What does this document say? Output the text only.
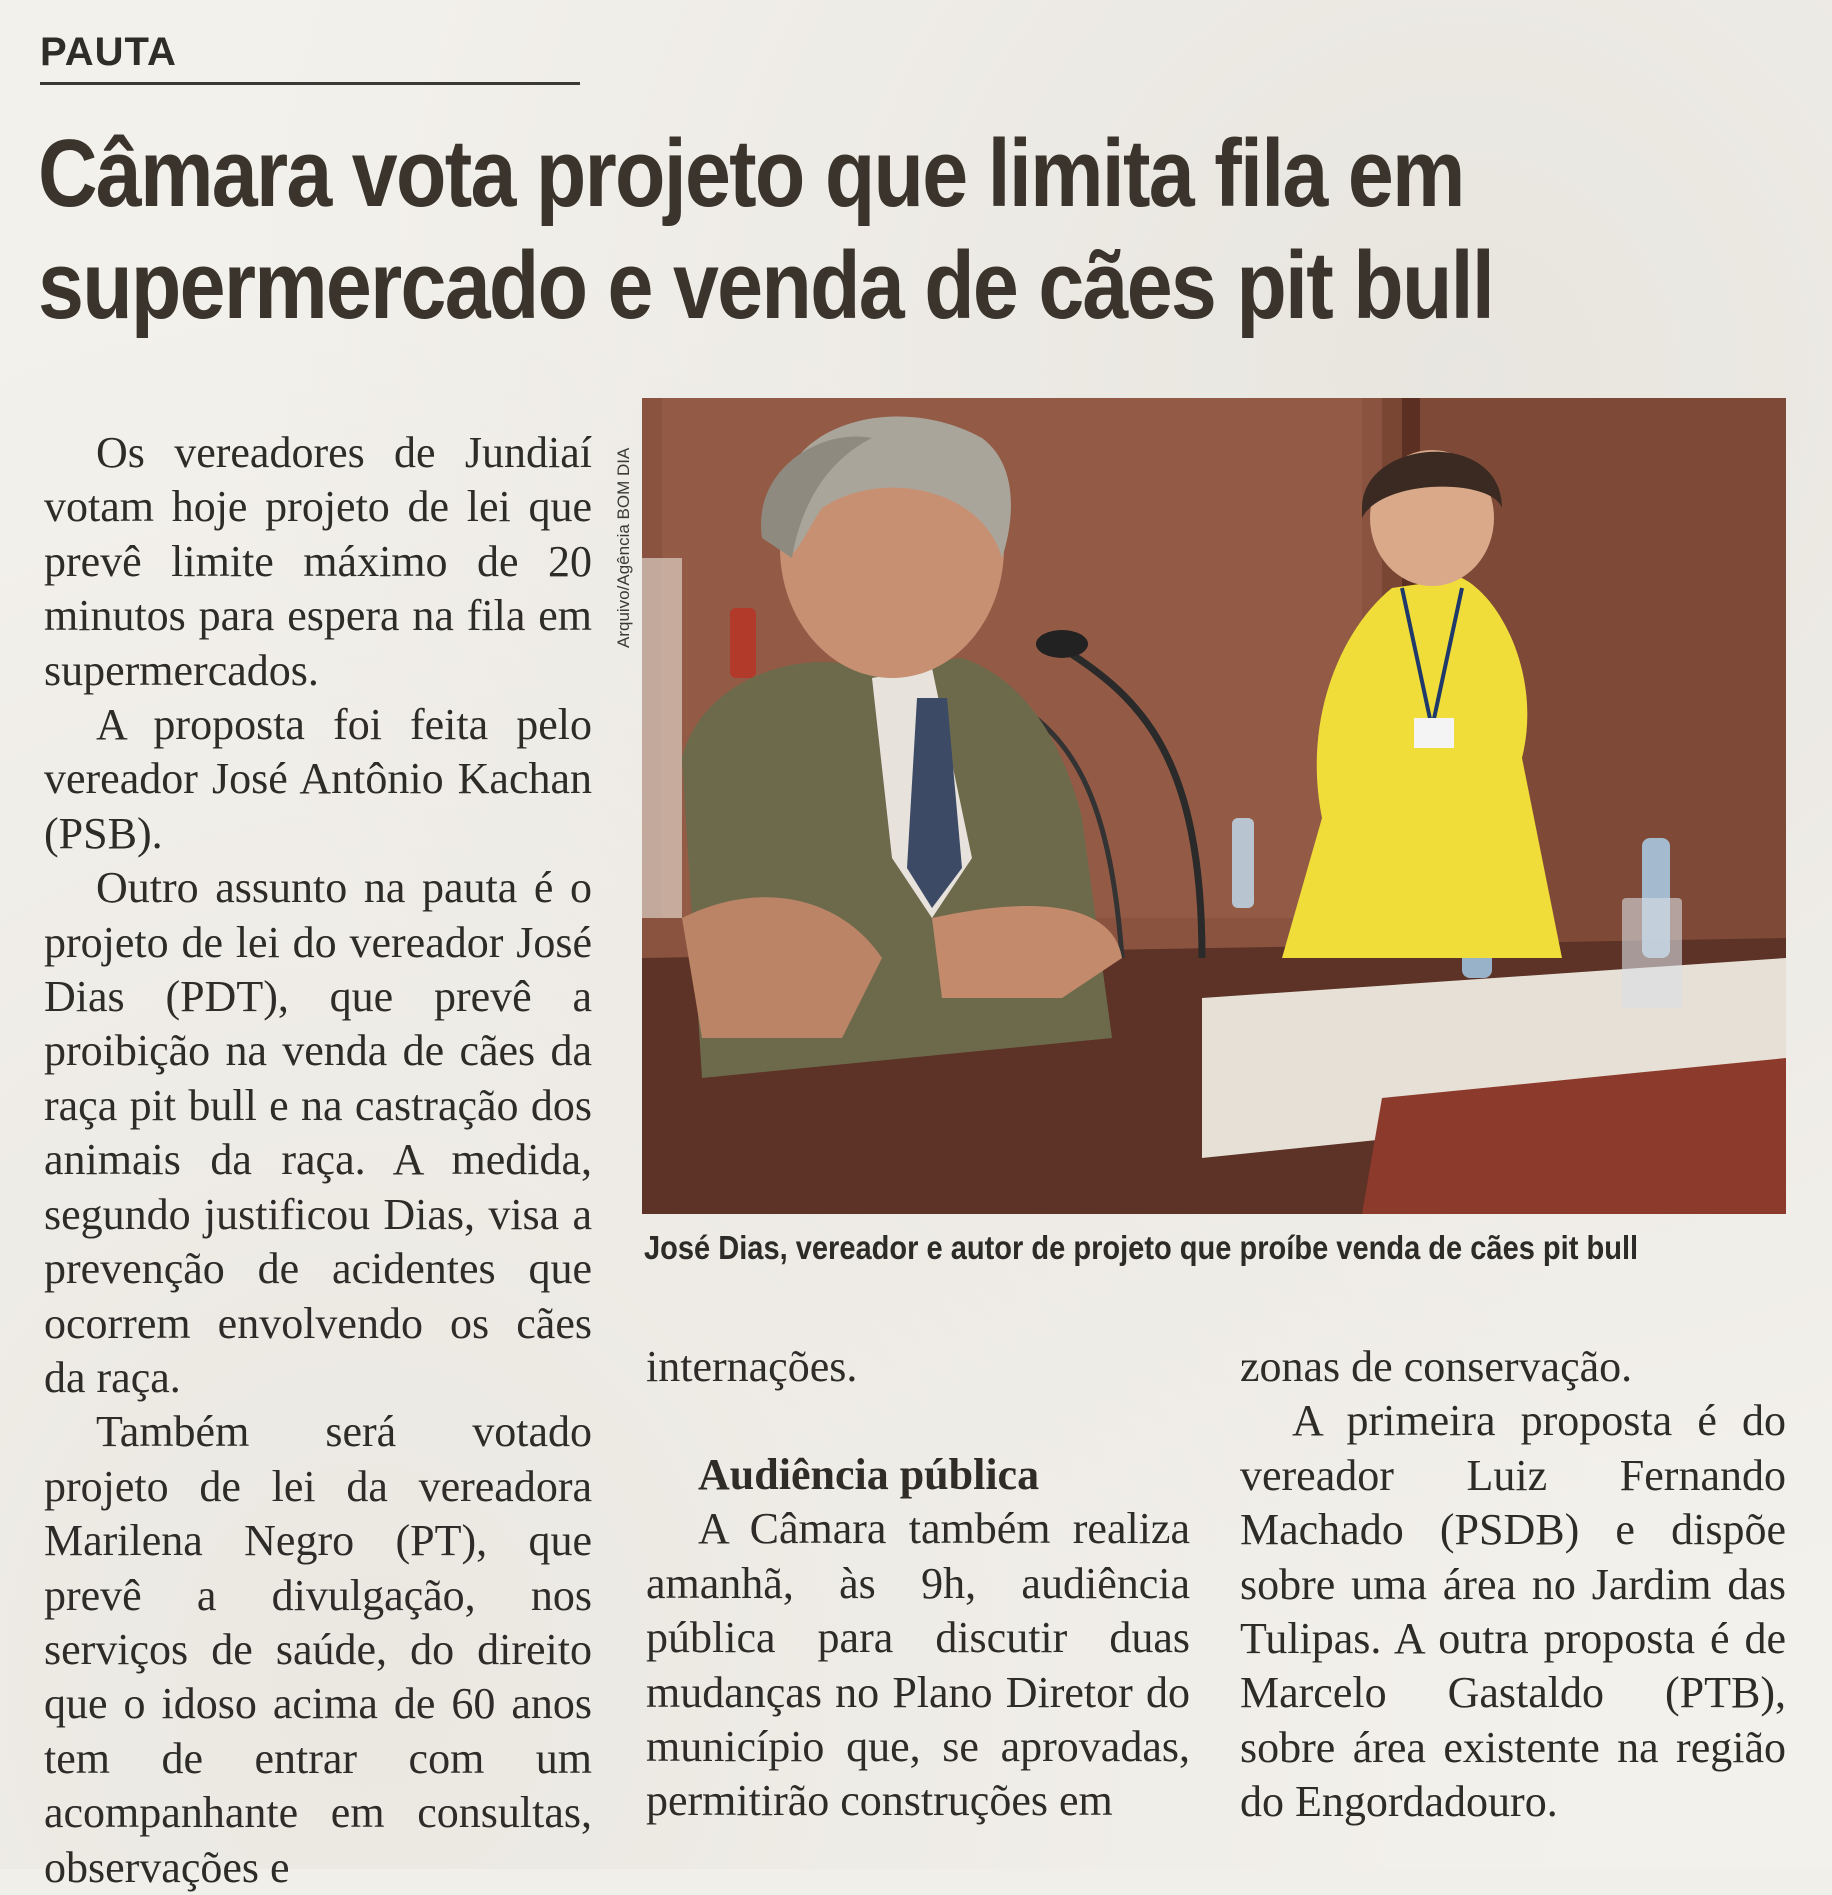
PAUTA
Câmara vota projeto que limita fila em
supermercado e venda de cães pit bull

Os vereadores de Jundiaí votam hoje projeto de lei que prevê limite máximo de 20 minutos para espera na fila em supermercados.

A proposta foi feita pelo vereador José Antônio Kachan (PSB).

Outro assunto na pauta é o projeto de lei do vereador José Dias (PDT), que prevê a proibição na venda de cães da raça pit bull e na castração dos animais da raça. A medida, segundo justificou Dias, visa a prevenção de acidentes que ocorrem envolvendo os cães da raça.

Também será votado projeto de lei da vereadora Marilena Negro (PT), que prevê a divulgação, nos serviços de saúde, do direito que o idoso acima de 60 anos tem de entrar com um acompanhante em consultas, observações e

Arquivo/Agência BOM DIA
José Dias, vereador e autor de projeto que proíbe venda de cães pit bull

internações.

Audiência pública

A Câmara também realiza amanhã, às 9h, audiência pública para discutir duas mudanças no Plano Diretor do município que, se aprovadas, permitirão construções em

zonas de conservação.

A primeira proposta é do vereador Luiz Fernando Machado (PSDB) e dispõe sobre uma área no Jardim das Tulipas. A outra proposta é de Marcelo Gastaldo (PTB), sobre área existente na região do Engordadouro.
